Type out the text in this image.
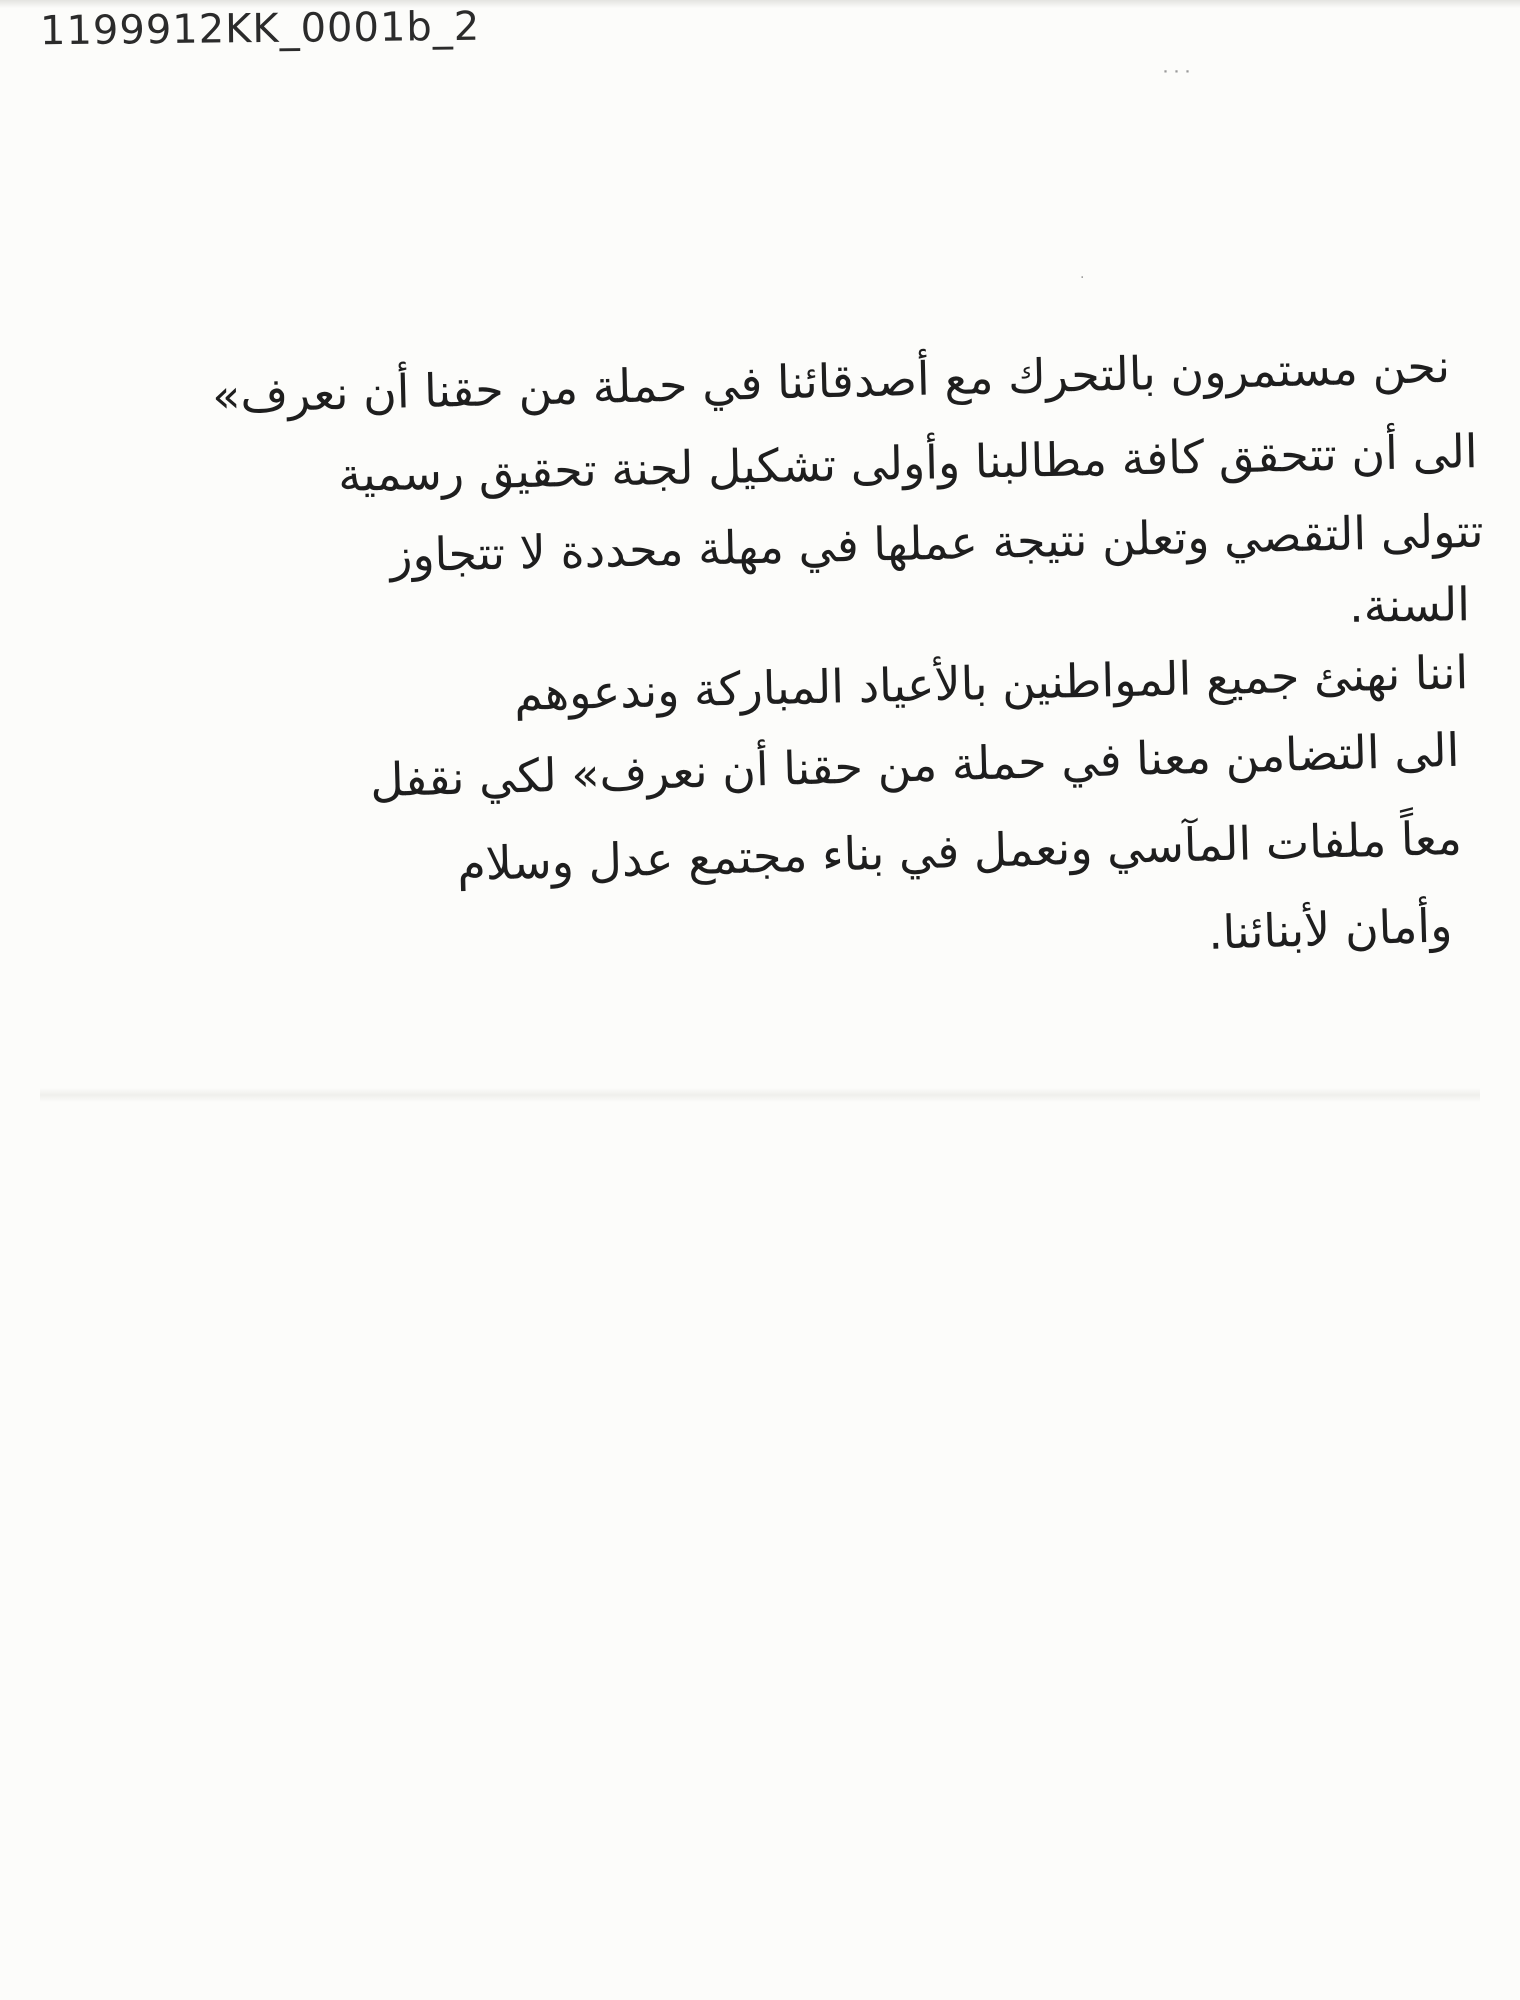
1199912KK_0001b_2
˙˙˙
·
نحن مستمرون بالتحرك مع أصدقائنا في حملة من حقنا أن نعرف»
الى أن تتحقق كافة مطالبنا وأولى تشكيل لجنة تحقيق رسمية
تتولى التقصي وتعلن نتيجة عملها في مهلة محددة لا تتجاوز
السنة.
اننا نهنئ جميع المواطنين بالأعياد المباركة وندعوهم
الى التضامن معنا في حملة من حقنا أن نعرف» لكي نقفل
معاً ملفات المآسي ونعمل في بناء مجتمع عدل وسلام
وأمان لأبنائنا.
